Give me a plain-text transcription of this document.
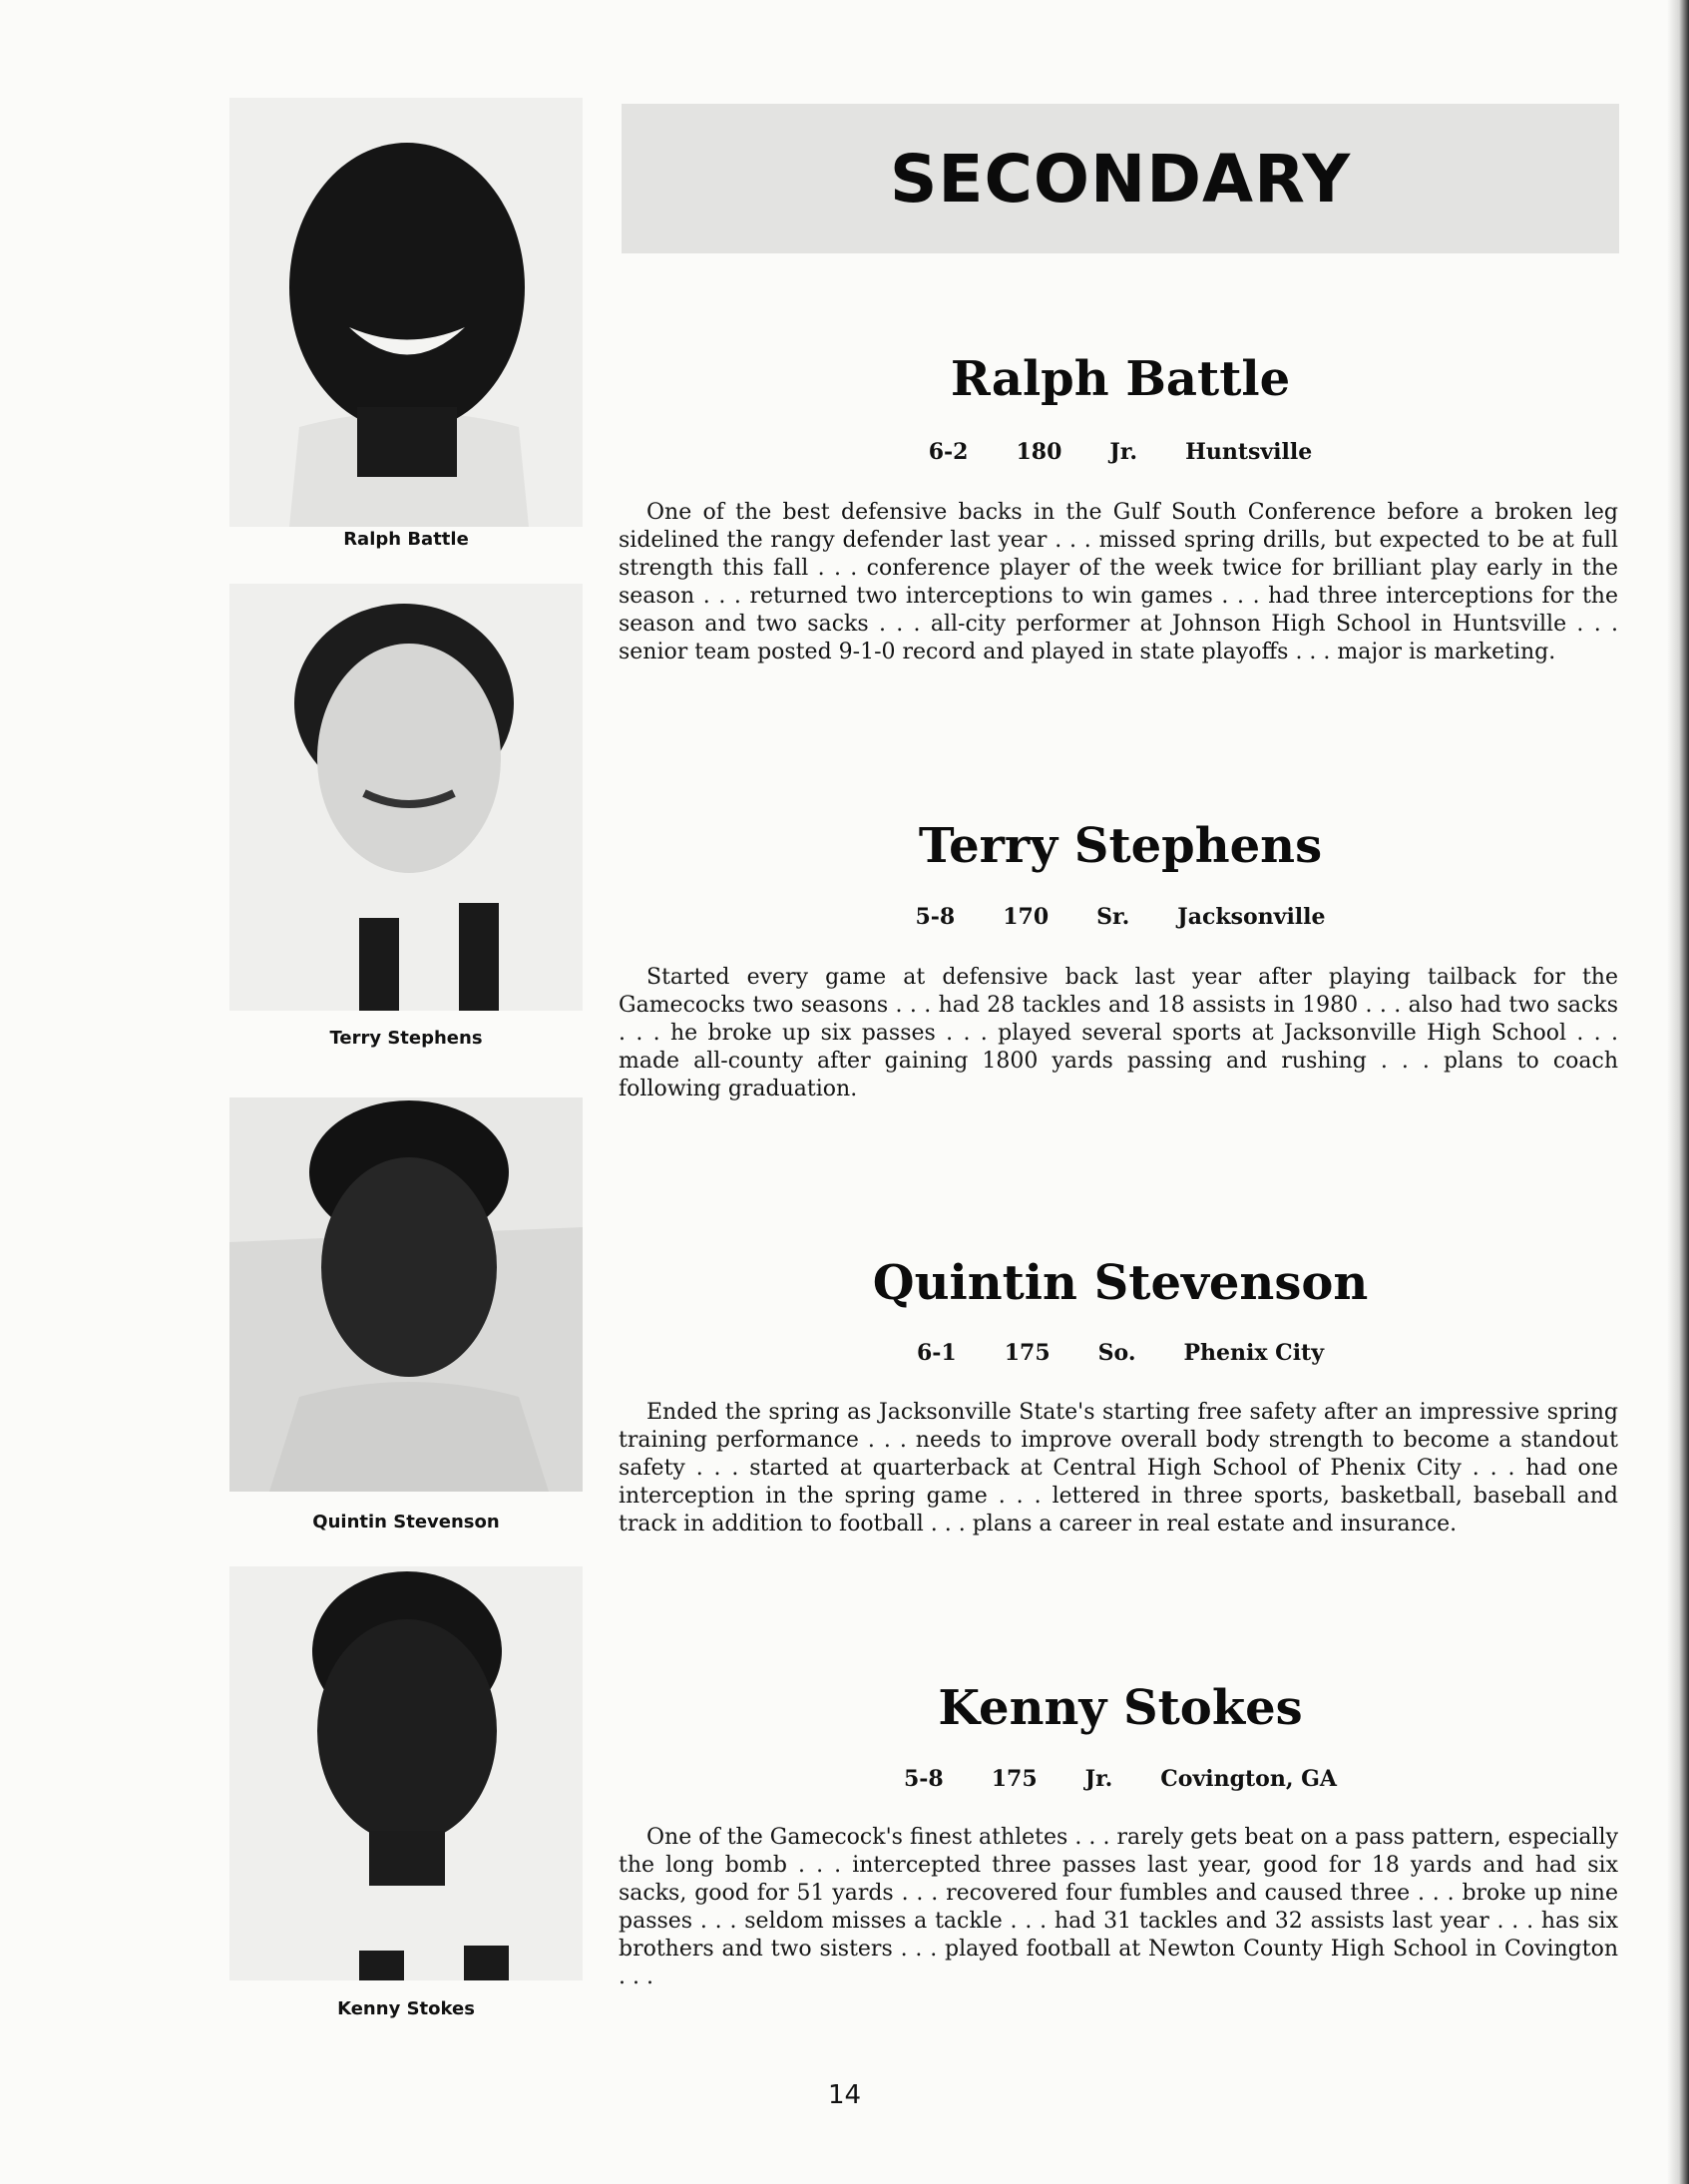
SECONDARY
Ralph Battle
Ralph Battle
6-2 180 Jr. Huntsville

One of the best defensive backs in the Gulf South Conference before a broken leg sidelined the rangy defender last year . . . missed spring drills, but expected to be at full strength this fall . . . conference player of the week twice for brilliant play early in the season . . . returned two interceptions to win games . . . had three interceptions for the season and two sacks . . . all-city performer at Johnson High School in Huntsville . . . senior team posted 9-1-0 record and played in state playoffs . . . major is marketing.

Terry Stephens
Terry Stephens
5-8 170 Sr. Jacksonville

Started every game at defensive back last year after playing tailback for the Gamecocks two seasons . . . had 28 tackles and 18 assists in 1980 . . . also had two sacks . . . he broke up six passes . . . played several sports at Jacksonville High School . . . made all-county after gaining 1800 yards passing and rushing . . . plans to coach following graduation.

Quintin Stevenson
Quintin Stevenson
6-1 175 So. Phenix City

Ended the spring as Jacksonville State's starting free safety after an impressive spring training performance . . . needs to improve overall body strength to become a standout safety . . . started at quarterback at Central High School of Phenix City . . . had one interception in the spring game . . . lettered in three sports, basketball, baseball and track in addition to football . . . plans a career in real estate and insurance.

Kenny Stokes
Kenny Stokes
5-8 175 Jr. Covington, GA

One of the Gamecock's finest athletes . . . rarely gets beat on a pass pattern, especially the long bomb . . . intercepted three passes last year, good for 18 yards and had six sacks, good for 51 yards . . . recovered four fumbles and caused three . . . broke up nine passes . . . seldom misses a tackle . . . had 31 tackles and 32 assists last year . . . has six brothers and two sisters . . . played football at Newton County High School in Covington . . .

14
